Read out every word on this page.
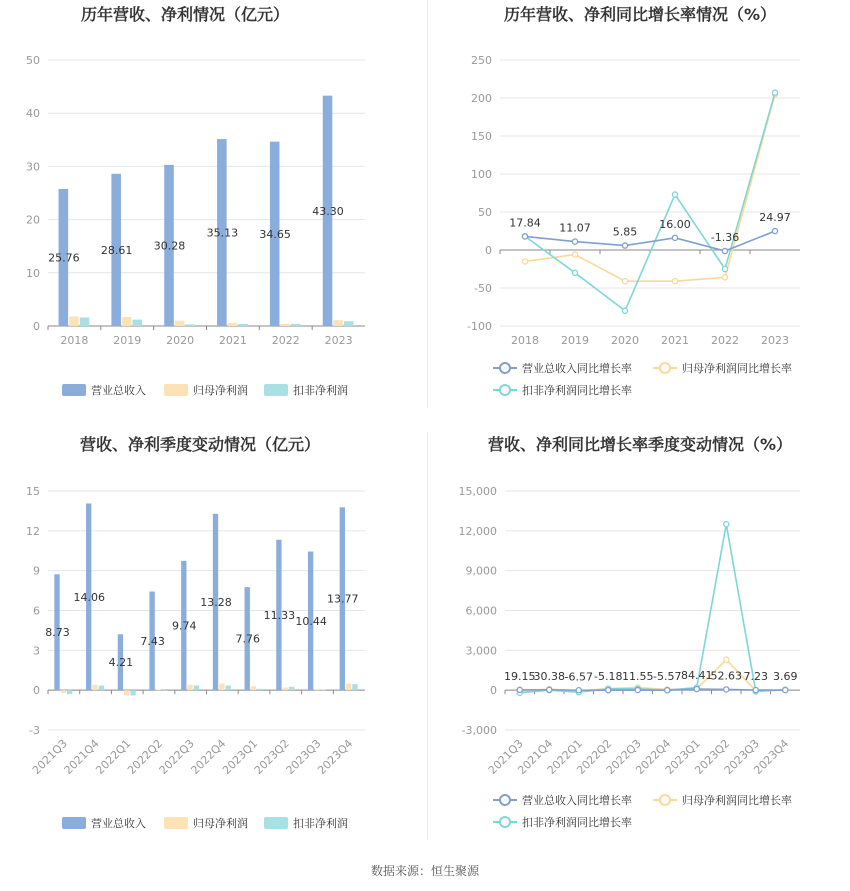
历年营收、净利情况（亿元）
0
10
20
30
40
50
2018 2019 2020 2021 2022 2023
25.76
28.61 30.28
35.13 34.65
43.30
营业总收入	归母净利润	扣非净利润
历年营收、净利同比增长率情况（%）
-100
-50
0
50
100
150
200
250
2018 2019 2020 2021 2022 2023
17.84 11.07 5.85
16.00
-1.36
24.97
营业总收入同比增长率	归母净利润同比增长率
扣非净利润同比增长率
营收、净利季度变动情况（亿元）
-3
0
3
6
9
12
15
2021Q3
2021Q4
2022Q1
2022Q2
2022Q3
2022Q4
2023Q1
2023Q2
2023Q3
2023Q4
8.73
14.06
4.21
7.43
9.74
13.28
7.76
11.33 10.44
13.77
营业总收入	归母净利润	扣非净利润
营收、净利同比增长率季度变动情况（%）
-3,000
0
3,000
6,000
9,000
12,000
15,000
2021Q3
2021Q4
2022Q1
2022Q2
2022Q3
2022Q4
2023Q1
2023Q2
2023Q3
2023Q4
19.15
30.38 -6.57 -5.18 11.55 -5.57 84.41
52.63 7.23 3.69
营业总收入同比增长率	归母净利润同比增长率
扣非净利润同比增长率
数据来源：恒生聚源
